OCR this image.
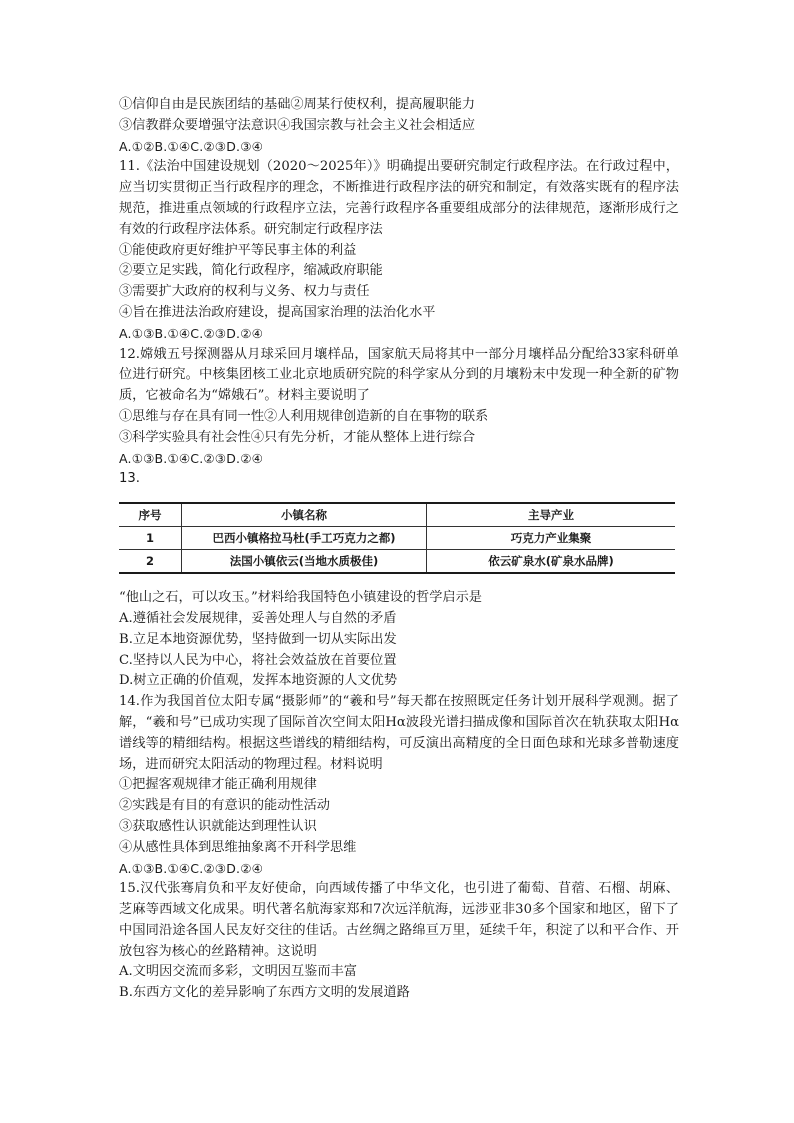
①信仰自由是民族团结的基础②周某行使权利，提高履职能力
③信教群众要增强守法意识④我国宗教与社会主义社会相适应
A.①②B.①④C.②③D.③④
11.《法治中国建设规划（2020～2025年）》明确提出要研究制定行政程序法。在行政过程中，应当切实贯彻正当行政程序的理念，不断推进行政程序法的研究和制定，有效落实既有的程序法规范，推进重点领域的行政程序立法，完善行政程序各重要组成部分的法律规范，逐渐形成行之有效的行政程序法体系。研究制定行政程序法
①能使政府更好维护平等民事主体的利益
②要立足实践，简化行政程序，缩减政府职能
③需要扩大政府的权利与义务、权力与责任
④旨在推进法治政府建设，提高国家治理的法治化水平
A.①③B.①④C.②③D.②④
12.嫦娥五号探测器从月球采回月壤样品，国家航天局将其中一部分月壤样品分配给33家科研单位进行研究。中核集团核工业北京地质研究院的科学家从分到的月壤粉末中发现一种全新的矿物质，它被命名为“嫦娥石”。材料主要说明了
①思维与存在具有同一性②人利用规律创造新的自在事物的联系
③科学实验具有社会性④只有先分析，才能从整体上进行综合
A.①③B.①④C.②③D.②④
13.
序号	小镇名称	主导产业
1	巴西小镇格拉马杜(手工巧克力之都)	巧克力产业集聚
2	法国小镇依云(当地水质极佳)	依云矿泉水(矿泉水品牌)
“他山之石，可以攻玉。”材料给我国特色小镇建设的哲学启示是
A.遵循社会发展规律，妥善处理人与自然的矛盾
B.立足本地资源优势，坚持做到一切从实际出发
C.坚持以人民为中心，将社会效益放在首要位置
D.树立正确的价值观，发挥本地资源的人文优势
14.作为我国首位太阳专属“摄影师”的“羲和号”每天都在按照既定任务计划开展科学观测。据了解，“羲和号”已成功实现了国际首次空间太阳Hα波段光谱扫描成像和国际首次在轨获取太阳Hα谱线等的精细结构。根据这些谱线的精细结构，可反演出高精度的全日面色球和光球多普勒速度场，进而研究太阳活动的物理过程。材料说明
①把握客观规律才能正确利用规律
②实践是有目的有意识的能动性活动
③获取感性认识就能达到理性认识
④从感性具体到思维抽象离不开科学思维
A.①③B.①④C.②③D.②④
15.汉代张骞肩负和平友好使命，向西域传播了中华文化，也引进了葡萄、苜蓿、石榴、胡麻、芝麻等西域文化成果。明代著名航海家郑和7次远洋航海，远涉亚非30多个国家和地区，留下了中国同沿途各国人民友好交往的佳话。古丝绸之路绵亘万里，延续千年，积淀了以和平合作、开放包容为核心的丝路精神。这说明
A.文明因交流而多彩，文明因互鉴而丰富
B.东西方文化的差异影响了东西方文明的发展道路
